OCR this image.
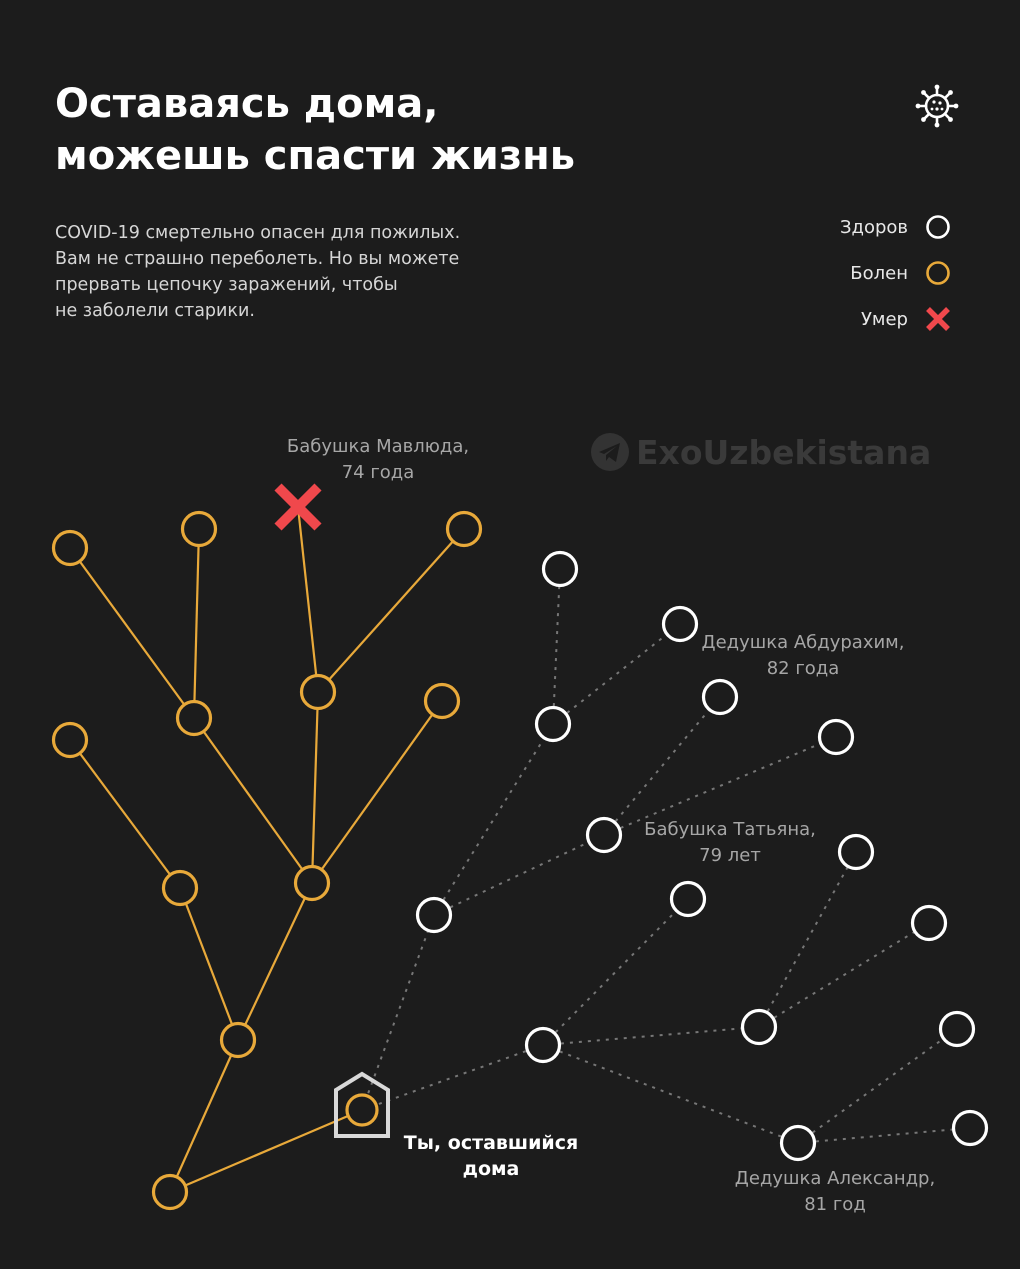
Оставаясь дома,
можешь спасти жизнь
COVID-19 смертельно опасен для пожилых.
Вам не страшно переболеть. Но вы можете
прервать цепочку заражений, чтобы
не заболели старики.
Здоров
Болен
Умер
ExoUzbekistana
Бабушка Мавлюда,
74 года
Дедушка Абдурахим,
82 года
Бабушка Татьяна,
79 лет
Дедушка Александр,
81 год
Ты, оставшийся
дома
